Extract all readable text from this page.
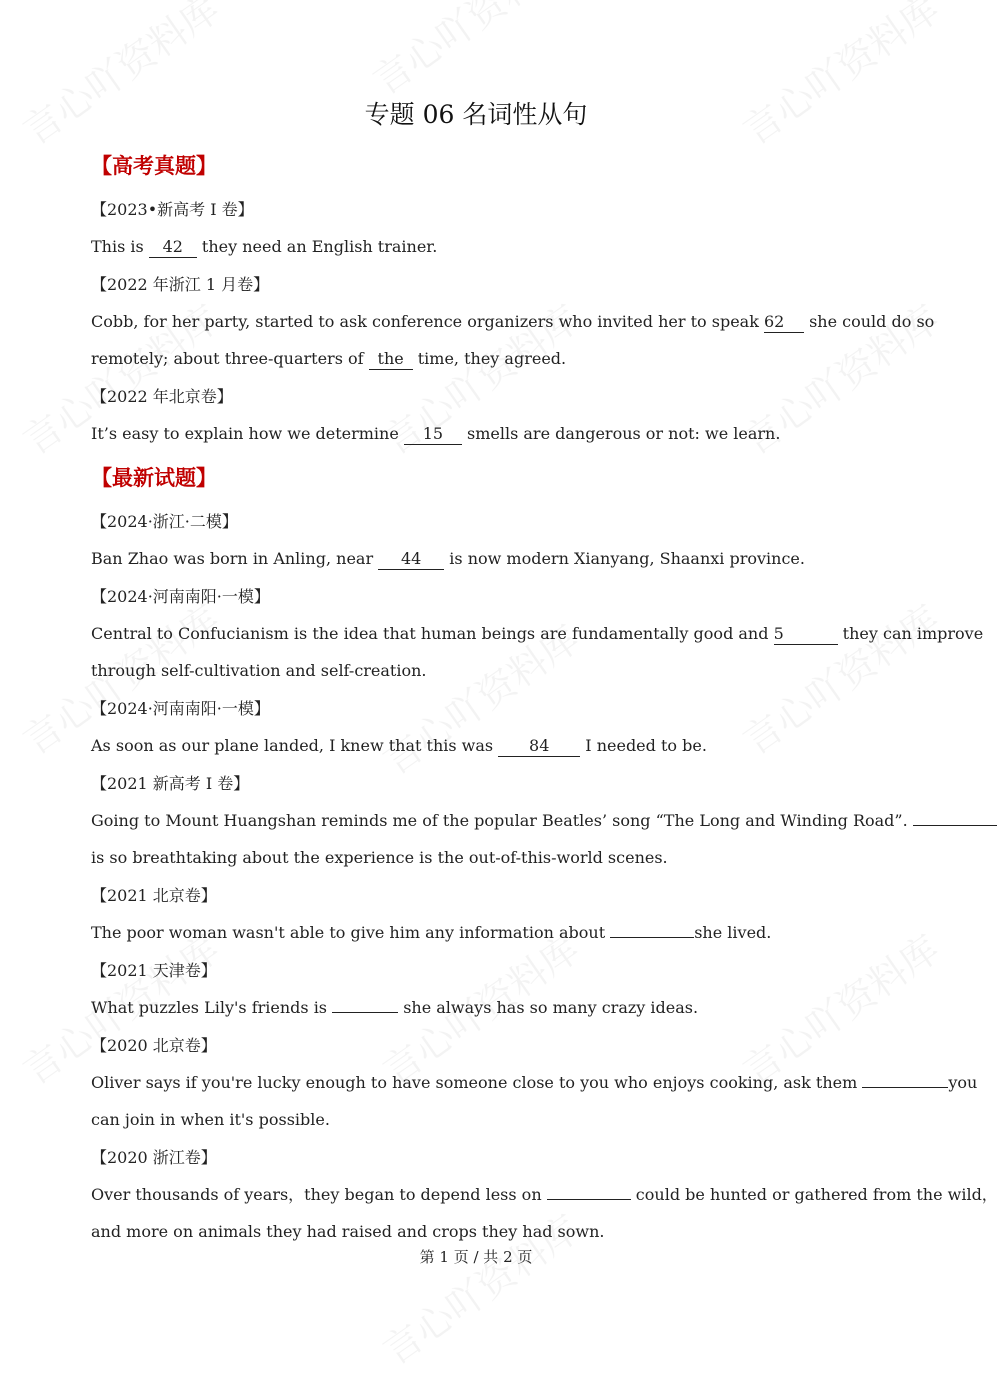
专题 06 名词性从句
【高考真题】
【2023•新高考 I 卷】
This is 42 they need an English trainer.
【2022 年浙江 1 月卷】
Cobb, for her party, started to ask conference organizers who invited her to speak 62 she could do so
remotely; about three-quarters of the time, they agreed.
【2022 年北京卷】
It’s easy to explain how we determine 15 smells are dangerous or not: we learn.
【最新试题】
【2024·浙江·二模】
Ban Zhao was born in Anling, near 44 is now modern Xianyang, Shaanxi province.
【2024·河南南阳·一模】
Central to Confucianism is the idea that human beings are fundamentally good and 5	they can improve
through self-cultivation and self-creation.
【2024·河南南阳·一模】
As soon as our plane landed, I knew that this was 84 I needed to be.
【2021 新高考 I 卷】
Going to Mount Huangshan reminds me of the popular Beatles’ song “The Long and Winding Road”.
is so breathtaking about the experience is the out-of-this-world scenes.
【2021 北京卷】
The poor woman wasn't able to give him any information about	she lived.
【2021 天津卷】
What puzzles Lily's friends is	she always has so many crazy ideas.
【2020 北京卷】
Oliver says if you're lucky enough to have someone close to you who enjoys cooking, ask them	you
can join in when it's possible.
【2020 浙江卷】
Over thousands of years，they began to depend less on	could be hunted or gathered from the wild，
and more on animals they had raised and crops they had sown.
第 1 页 / 共 2 页
